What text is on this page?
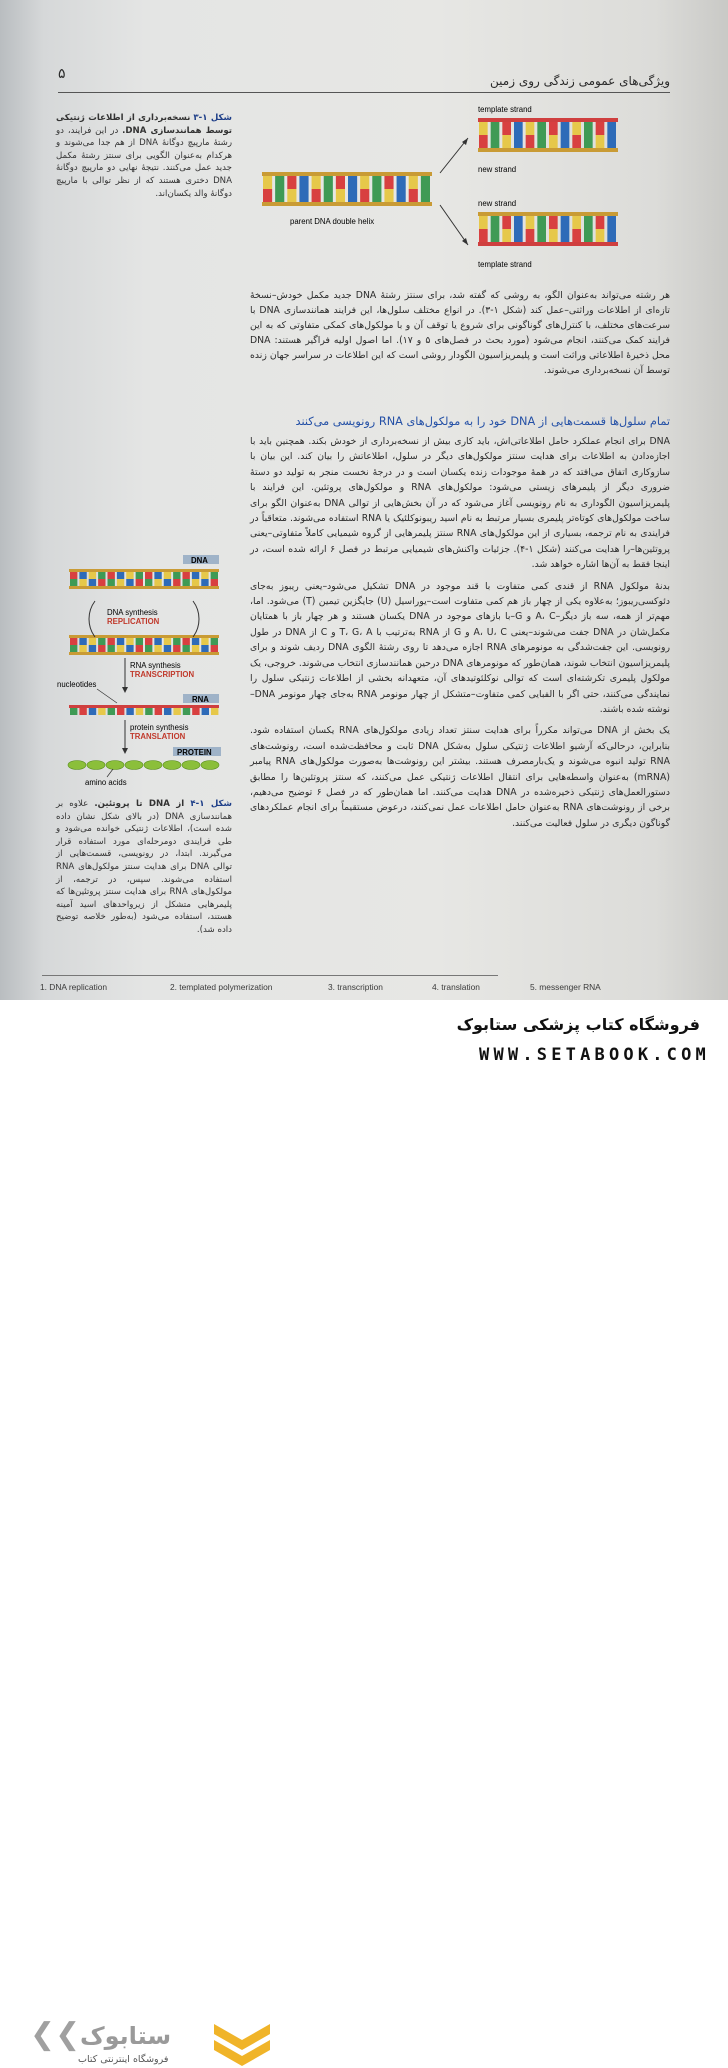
۵	ویژگی‌های عمومی زندگی روی زمین
شکل ۱-۳ نسخه‌برداری از اطلاعات ژنتیکی توسط همانندسازی DNA. در این فرایند، دو رشتهٔ مارپیچ دوگانهٔ DNA از هم جدا می‌شوند و هرکدام به‌عنوان الگویی برای سنتز رشتهٔ مکمل جدید عمل می‌کنند. نتیجهٔ نهایی دو مارپیچ دوگانهٔ DNA دختری هستند که از نظر توالی با مارپیچ دوگانهٔ والد یکسان‌اند.
parent DNA double helix
template strand
new strand
new strand
template strand
هر رشته می‌تواند به‌عنوان الگو، به روشی که گفته شد، برای سنتز رشتهٔ DNA جدید مکمل خودش–نسخهٔ تازه‌ای از اطلاعات وراثتی–عمل کند (شکل ۱-۳). در انواع مختلف سلول‌ها، این فرایند همانندسازی DNA با سرعت‌های مختلف، با کنترل‌های گوناگونی برای شروع یا توقف آن و با مولکول‌های کمکی متفاوتی که به این فرایند کمک می‌کنند، انجام می‌شود (مورد بحث در فصل‌های ۵ و ۱۷). اما اصول اولیه فراگیر هستند: DNA محل ذخیرهٔ اطلاعاتی وراثت است و پلیمریزاسیون الگودار روشی است که این اطلاعات در سراسر جهان زنده توسط آن نسخه‌برداری می‌شوند.
تمام سلول‌ها قسمت‌هایی از DNA خود را به مولکول‌های RNA رونویسی می‌کنند

DNA برای انجام عملکرد حامل اطلاعاتی‌اش، باید کاری بیش از نسخه‌برداری از خودش بکند. همچنین باید با اجازه‌دادن به اطلاعات برای هدایت سنتز مولکول‌های دیگر در سلول، اطلاعاتش را بیان کند. این بیان با سازوکاری اتفاق می‌افتد که در همهٔ موجودات زنده یکسان است و در درجهٔ نخست منجر به تولید دو دستهٔ ضروری دیگر از پلیمرهای زیستی می‌شود: مولکول‌های RNA و مولکول‌های پروتئین. این فرایند با پلیمریزاسیون الگوداری به نام رونویسی آغاز می‌شود که در آن بخش‌هایی از توالی DNA به‌عنوان الگو برای ساخت مولکول‌های کوتاه‌تر پلیمری بسیار مرتبط به نام اسید ریبونوکلئیک یا RNA استفاده می‌شوند. متعاقباً در فرایندی به نام ترجمه، بسیاری از این مولکول‌های RNA سنتز پلیمرهایی از گروه شیمیایی کاملاً متفاوتی–یعنی پروتئین‌ها–را هدایت می‌کنند (شکل ۱-۴). جزئیات واکنش‌های شیمیایی مرتبط در فصل ۶ ارائه شده است، در اینجا فقط به آن‌ها اشاره خواهد شد.

بدنهٔ مولکول RNA از قندی کمی متفاوت با قند موجود در DNA تشکیل می‌شود–یعنی ریبوز به‌جای دئوکسی‌ریبوز؛ به‌علاوه یکی از چهار باز هم کمی متفاوت است–یوراسیل (U) جایگزین تیمین (T) می‌شود. اما، مهم‌تر از همه، سه باز دیگر–A، C و G–با بازهای موجود در DNA یکسان هستند و هر چهار باز با همتایان مکمل‌شان در DNA جفت می‌شوند–یعنی A، U، C و G از RNA به‌ترتیب با T، G، A و C از DNA در طول رونویسی. این جفت‌شدگی به مونومرهای RNA اجازه می‌دهد تا روی رشتهٔ الگوی DNA ردیف شوند و برای پلیمریزاسیون انتخاب شوند، همان‌طور که مونومرهای DNA درحین همانندسازی انتخاب می‌شوند. خروجی، یک مولکول پلیمری تکرشته‌ای است که توالی نوکلئوتیدهای آن، متعهدانه بخشی از اطلاعات ژنتیکی سلول را نمایندگی می‌کنند، حتی اگر با الفبایی کمی متفاوت–متشکل از چهار مونومر RNA به‌جای چهار مونومر DNA–نوشته شده باشند.

یک بخش از DNA می‌تواند مکرراً برای هدایت سنتز تعداد زیادی مولکول‌های RNA یکسان استفاده شود. بنابراین، درحالی‌که آرشیو اطلاعات ژنتیکی سلول به‌شکل DNA ثابت و محافظت‌شده است، رونوشت‌های RNA تولید انبوه می‌شوند و یک‌بارمصرف هستند. بیشتر این رونوشت‌ها به‌صورت مولکول‌های RNA پیامبر (mRNA) به‌عنوان واسطه‌هایی برای انتقال اطلاعات ژنتیکی عمل می‌کنند، که سنتز پروتئین‌ها را مطابق دستورالعمل‌های ژنتیکی ذخیره‌شده در DNA هدایت می‌کنند. اما همان‌طور که در فصل ۶ توضیح می‌دهیم، برخی از رونوشت‌های RNA به‌عنوان حامل اطلاعات عمل نمی‌کنند، درعوض مستقیماً برای انجام عملکردهای گوناگون دیگری در سلول فعالیت می‌کنند.

DNA
DNA synthesis
REPLICATION
RNA synthesis
TRANSCRIPTION
nucleotides
RNA
protein synthesis
TRANSLATION
PROTEIN
amino acids
شکل ۱-۴ از DNA تا پروتئین. علاوه بر همانندسازی DNA (در بالای شکل نشان داده شده است)، اطلاعات ژنتیکی خوانده می‌شود و طی فرایندی دومرحله‌ای مورد استفاده قرار می‌گیرند. ابتدا، در رونویسی، قسمت‌هایی از توالی DNA برای هدایت سنتز مولکول‌های RNA استفاده می‌شوند. سپس، در ترجمه، از مولکول‌های RNA برای هدایت سنتز پروتئین‌ها که پلیمرهایی متشکل از زیرواحدهای اسید آمینه هستند، استفاده می‌شود (به‌طور خلاصه توضیح داده شد).
1. DNA replication	2. templated polymerization	3. transcription	4. translation	5. messenger RNA
❮❮ ستابوک
فروشگاه اینترنتی کتاب
فروشگاه کتاب پزشکی ستابوک
WWW.SETABOOK.COM
